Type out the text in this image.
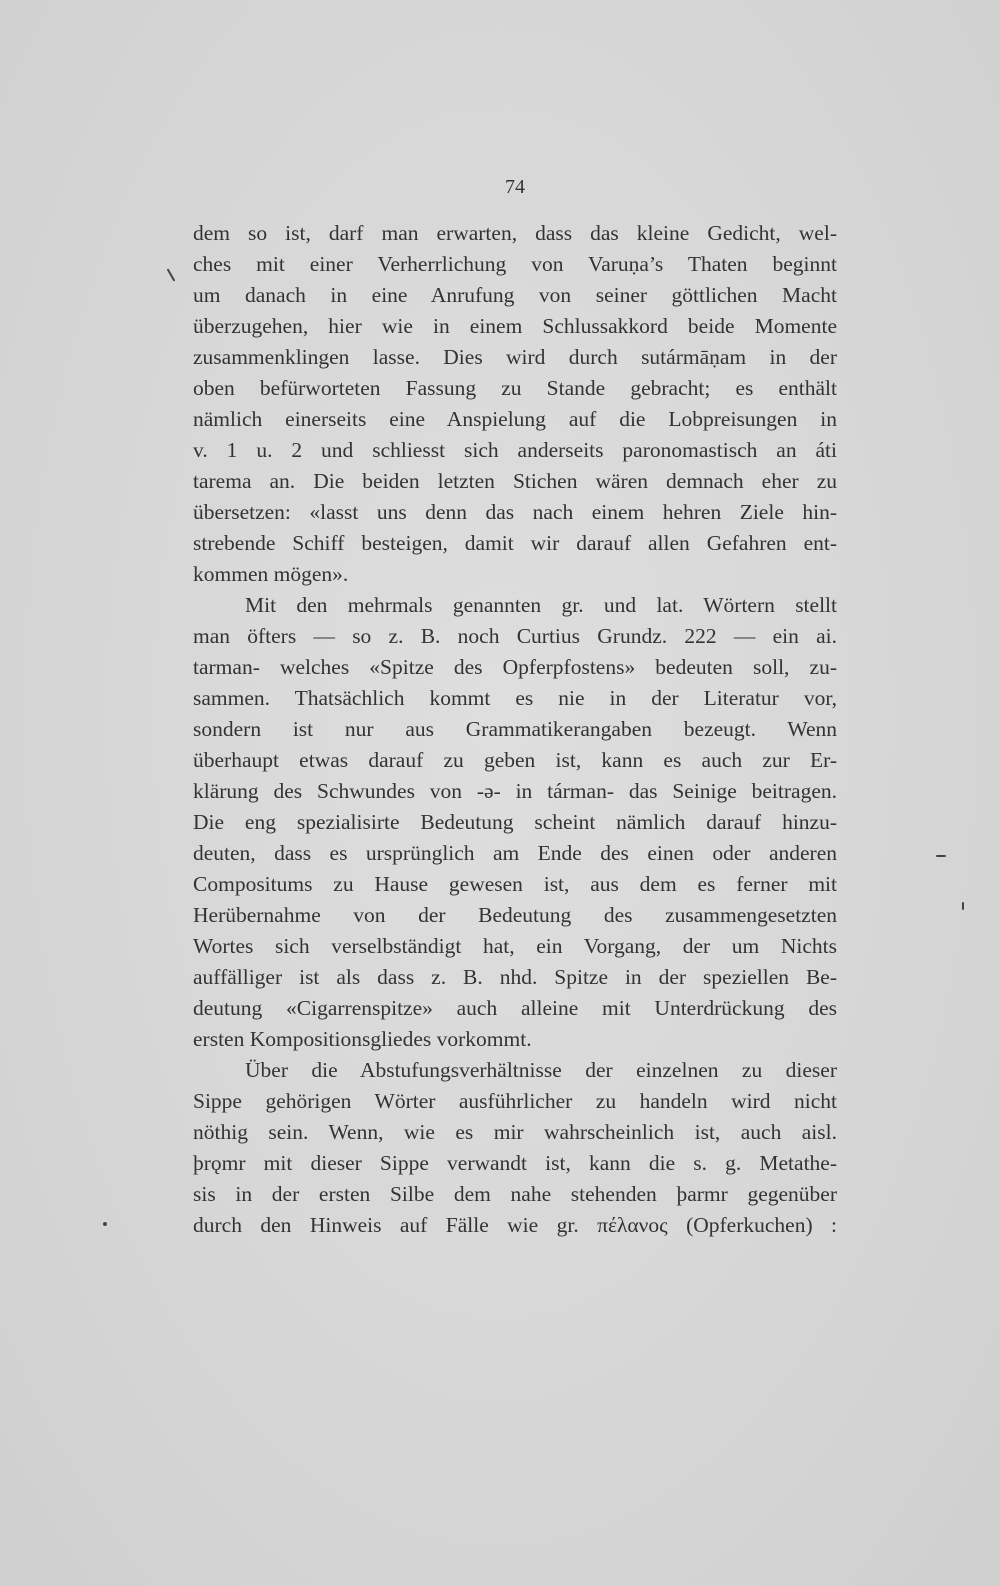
74
dem so ist, darf man erwarten, dass das kleine Gedicht, wel-
ches mit einer Verherrlichung von Varuṇa’s Thaten beginnt
um danach in eine Anrufung von seiner göttlichen Macht
überzugehen, hier wie in einem Schlussakkord beide Momente
zusammenklingen lasse. Dies wird durch sutármāṇam in der
oben befürworteten Fassung zu Stande gebracht; es enthält
nämlich einerseits eine Anspielung auf die Lobpreisungen in
v. 1 u. 2 und schliesst sich anderseits paronomastisch an áti
tarema an. Die beiden letzten Stichen wären demnach eher zu
übersetzen: «lasst uns denn das nach einem hehren Ziele hin-
strebende Schiff besteigen, damit wir darauf allen Gefahren ent-
kommen mögen».
Mit den mehrmals genannten gr. und lat. Wörtern stellt
man öfters — so z. B. noch Curtius Grundz. 222 — ein ai.
tarman- welches «Spitze des Opferpfostens» bedeuten soll, zu-
sammen. Thatsächlich kommt es nie in der Literatur vor,
sondern ist nur aus Grammatikerangaben bezeugt. Wenn
überhaupt etwas darauf zu geben ist, kann es auch zur Er-
klärung des Schwundes von -ə- in tárman- das Seinige beitragen.
Die eng spezialisirte Bedeutung scheint nämlich darauf hinzu-
deuten, dass es ursprünglich am Ende des einen oder anderen
Compositums zu Hause gewesen ist, aus dem es ferner mit
Herübernahme von der Bedeutung des zusammengesetzten
Wortes sich verselbständigt hat, ein Vorgang, der um Nichts
auffälliger ist als dass z. B. nhd. Spitze in der speziellen Be-
deutung «Cigarrenspitze» auch alleine mit Unterdrückung des
ersten Kompositionsgliedes vorkommt.
Über die Abstufungsverhältnisse der einzelnen zu dieser
Sippe gehörigen Wörter ausführlicher zu handeln wird nicht
nöthig sein. Wenn, wie es mir wahrscheinlich ist, auch aisl.
þrǫmr mit dieser Sippe verwandt ist, kann die s. g. Metathe-
sis in der ersten Silbe dem nahe stehenden þarmr gegenüber
durch den Hinweis auf Fälle wie gr. πέλανος (Opferkuchen) :
